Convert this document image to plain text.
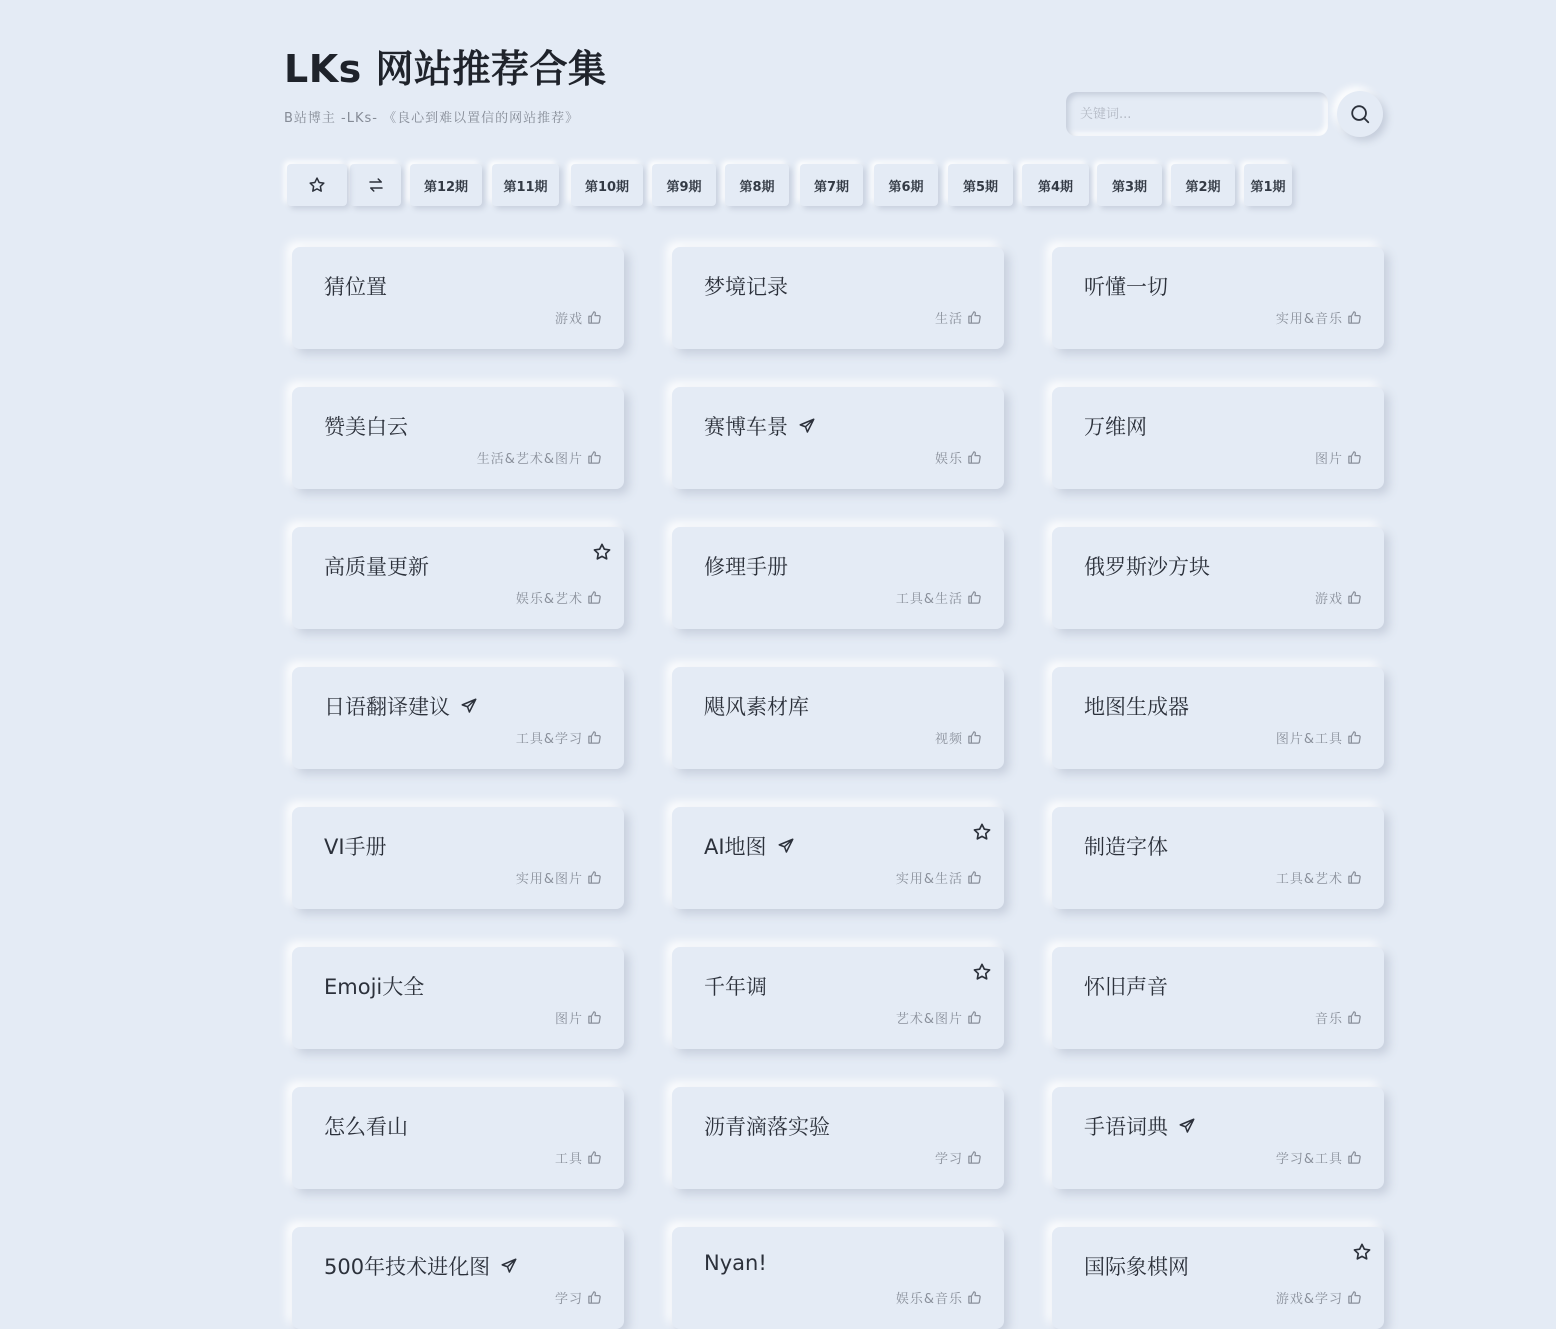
LKs 网站推荐合集
B站博主 -LKs- 《良心到难以置信的网站推荐》
关键词...
第12期	第11期	第10期	第9期	第8期	第7期	第6期	第5期	第4期	第3期	第2期 第1期
猜位置
游戏
梦境记录
生活
听懂一切
实用&音乐
赞美白云
生活&艺术&图片
赛博车景
娱乐
万维网
图片
高质量更新
娱乐&艺术
修理手册
工具&生活
俄罗斯沙方块
游戏
日语翻译建议
工具&学习
飓风素材库
视频
地图生成器
图片&工具
VI手册
实用&图片
AI地图
实用&生活
制造字体
工具&艺术
Emoji大全
图片
千年调
艺术&图片
怀旧声音
音乐
怎么看山
工具
沥青滴落实验
学习
手语词典
学习&工具
500年技术进化图
学习
Nyan!
娱乐&音乐
国际象棋网
游戏&学习
